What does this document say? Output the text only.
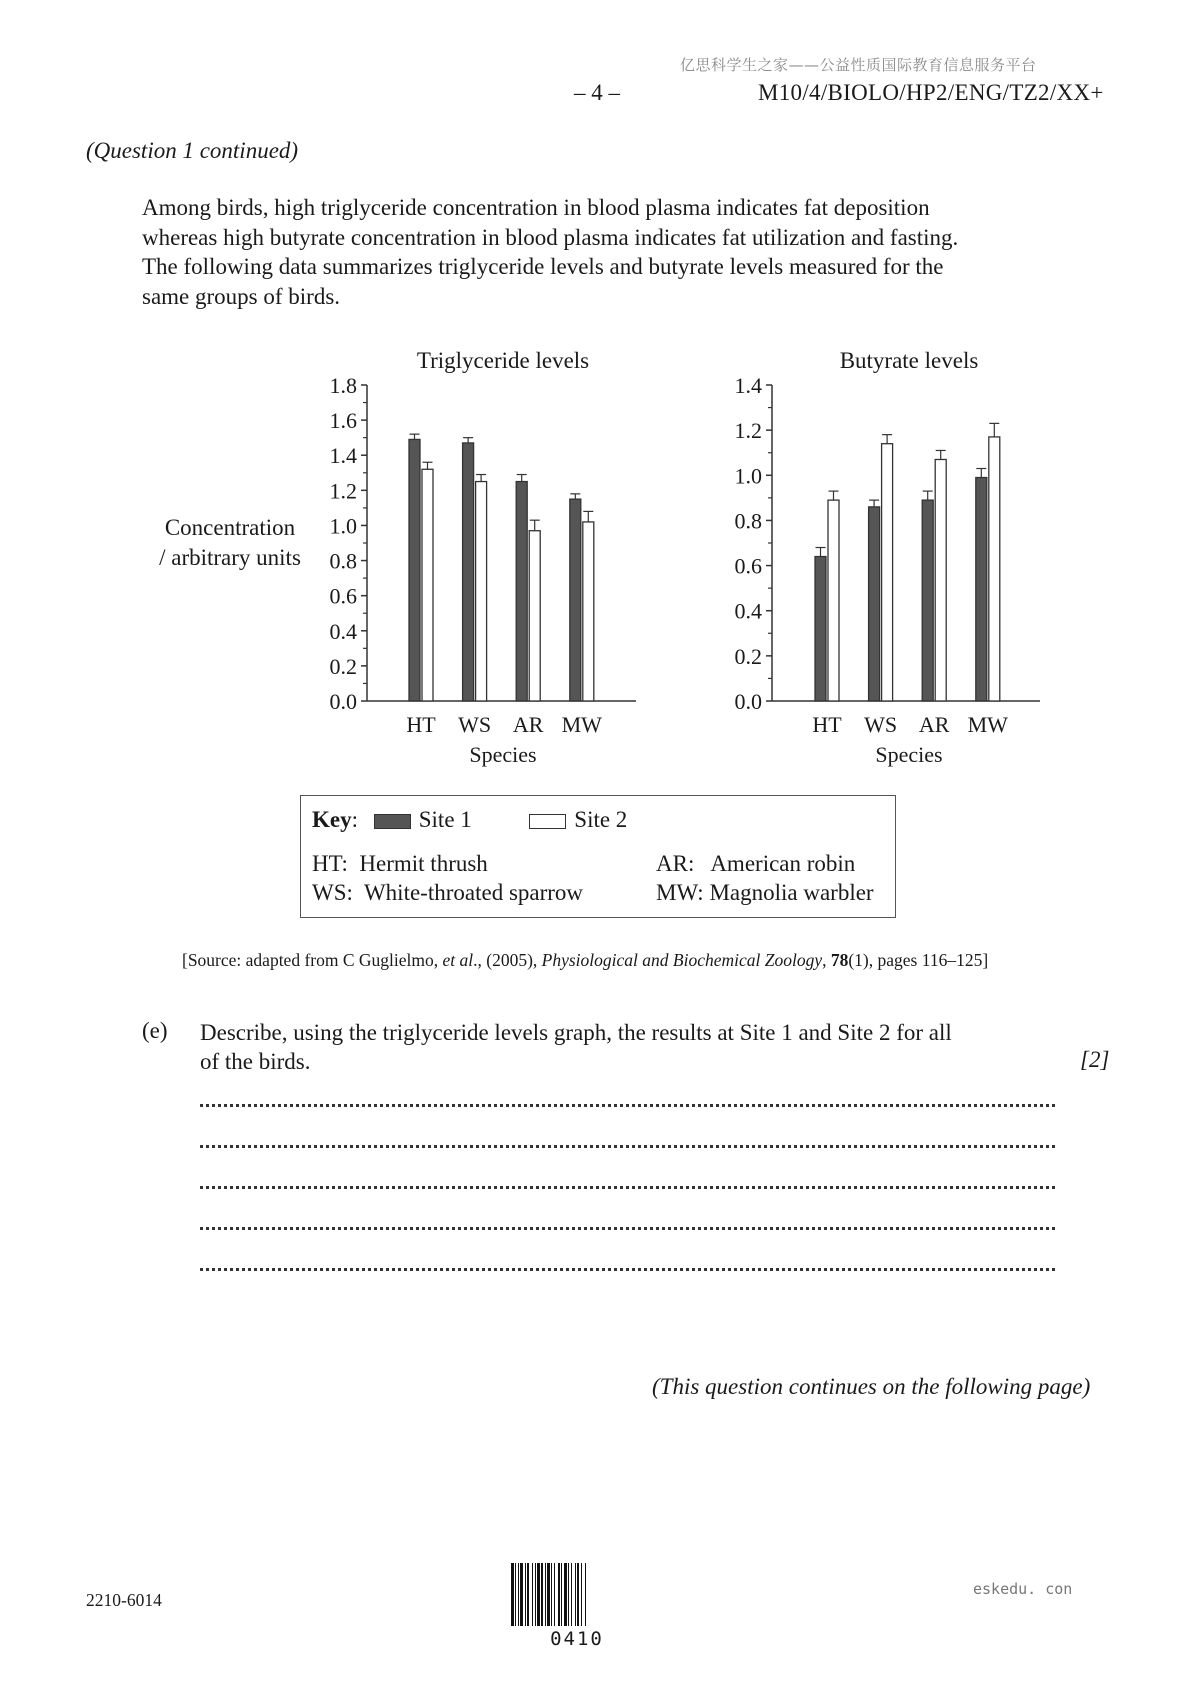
亿思科学生之家——公益性质国际教育信息服务平台
– 4 –	M10/4/BIOLO/HP2/ENG/TZ2/XX+
(Question 1 continued)

Among birds, high triglyceride concentration in blood plasma indicates fat deposition

whereas high butyrate concentration in blood plasma indicates fat utilization and fasting.

The following data summarizes triglyceride levels and butyrate levels measured for the

same groups of birds.

Concentration
/ arbitrary units
Triglyceride levels
0.0
0.2
0.4
0.6
0.8
1.0
1.2
1.4
1.6
1.8
HT WS AR MW
Species
Butyrate levels
0.0
0.2
0.4
0.6
0.8
1.0
1.2
1.4
HT WS AR MW
Species
Key:	Site 1	Site 2
HT:  Hermit thrush
WS:  White-throated sparrow
AR:   American robin
MW: Magnolia warbler
[Source: adapted from C Guglielmo, et al., (2005), Physiological and Biochemical Zoology, 78(1), pages 116–125]
(e) Describe, using the triglyceride levels graph, the results at Site 1 and Site 2 for all
of the birds.	[2]
(This question continues on the following page)
2210-6014
0410
eskedu. con
